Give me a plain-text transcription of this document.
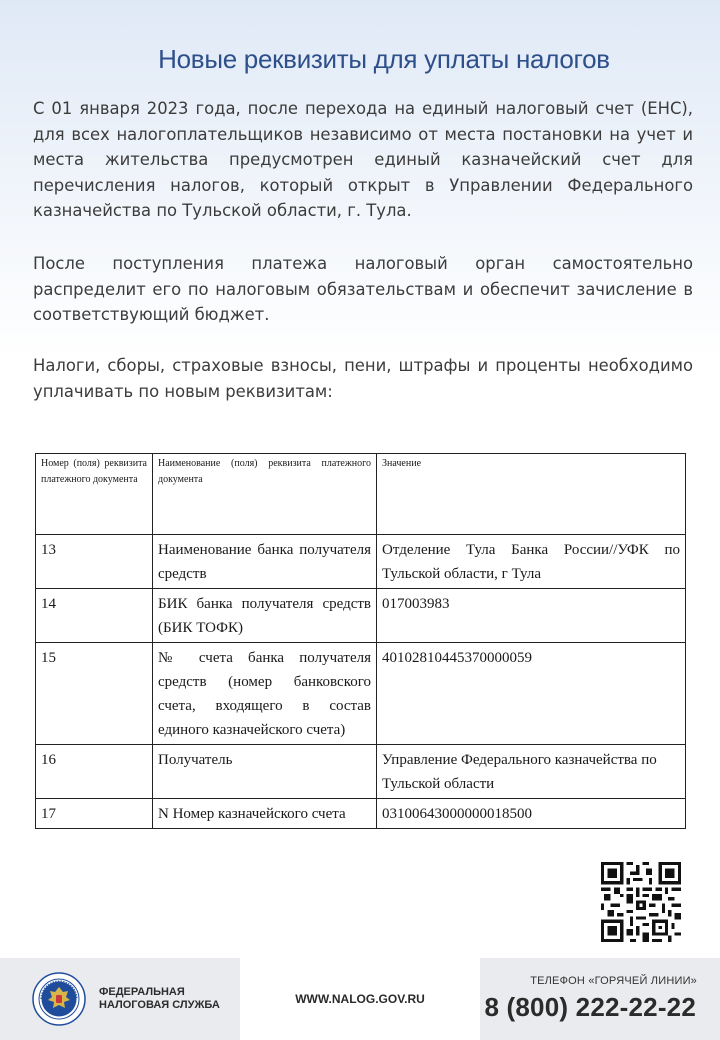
Новые реквизиты для уплаты налогов

С 01 января 2023 года, после перехода на единый налоговый счет (ЕНС), для всех налогоплательщиков независимо от места постановки на учет и места жительства предусмотрен единый казначейский счет для перечисления налогов, который открыт в Управлении Федерального казначейства по Тульской области, г. Тула.

После поступления платежа налоговый орган самостоятельно распределит его по налоговым обязательствам и обеспечит зачисление в соответствующий бюджет.

Налоги, сборы, страховые взносы, пени, штрафы и проценты необходимо уплачивать по новым реквизитам:

Номер (поля) реквизита платежного документа	Наименование (поля) реквизита платежного документа	Значение
13	Наименование банка получателя средств	Отделение Тула Банка России//УФК по Тульской области, г Тула
14	БИК банка получателя средств (БИК ТОФК)	017003983
15	№ счета банка получателя средств (номер банковского счета, входящего в состав единого казначейского счета)	40102810445370000059
16	Получатель	Управление Федерального казначейства по Тульской области
17	N Номер казначейского счета	03100643000000018500
ФЕДЕРАЛЬНАЯ НАЛОГОВАЯ СЛУЖБА	WWW.NALOG.GOV.RU
ТЕЛЕФОН «ГОРЯЧЕЙ ЛИНИИ»
8 (800) 222-22-22
